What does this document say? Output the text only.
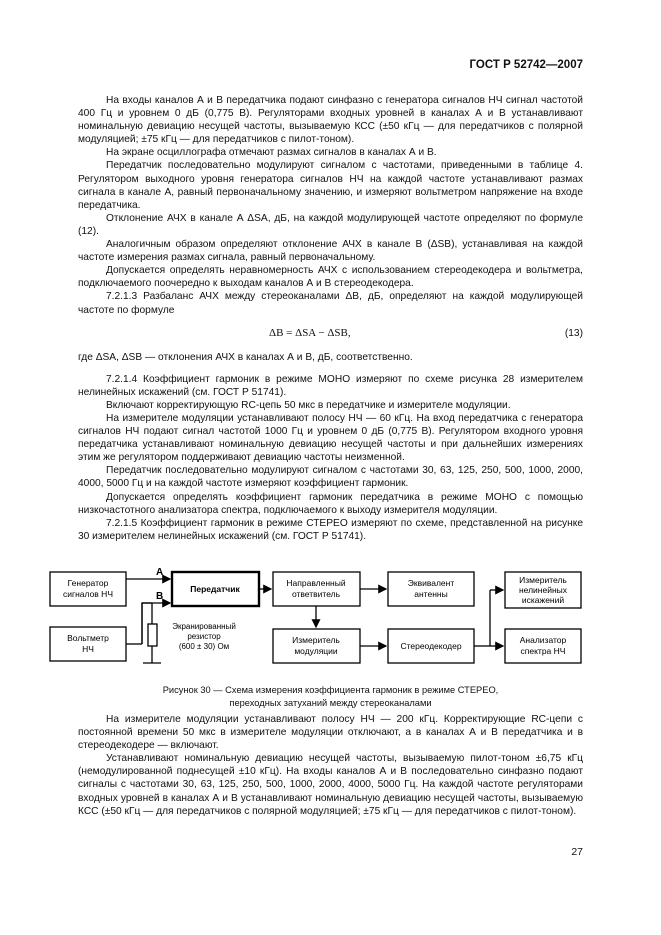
ГОСТ Р 52742—2007

На входы каналов А и В передатчика подают синфазно с генератора сигналов НЧ сигнал частотой 400 Гц и уровнем 0 дБ (0,775 В). Регуляторами входных уровней в каналах А и В устанавливают номинальную девиацию несущей частоты, вызываемую КСС (±50 кГц — для передатчиков с полярной модуляцией; ±75 кГц — для передатчиков с пилот-тоном).

На экране осциллографа отмечают размах сигналов в каналах А и В.

Передатчик последовательно модулируют сигналом с частотами, приведенными в таблице 4. Регулятором выходного уровня генератора сигналов НЧ на каждой частоте устанавливают размах сигнала в канале А, равный первоначальному значению, и измеряют вольтметром напряжение на входе передатчика.

Отклонение АЧХ в канале А ΔSA, дБ, на каждой модулирующей частоте определяют по формуле (12).

Аналогичным образом определяют отклонение АЧХ в канале В (ΔSB), устанавливая на каждой частоте измерения размах сигнала, равный первоначальному.

Допускается определять неравномерность АЧХ с использованием стереодекодера и вольтметра, подключаемого поочередно к выходам каналов А и В стереодекодера.

7.2.1.3 Разбаланс АЧХ между стереоканалами ΔB, дБ, определяют на каждой модулирующей частоте по формуле

ΔB = ΔSA − ΔSB,	(13)

где ΔSA, ΔSB — отклонения АЧХ в каналах А и В, дБ, соответственно.

7.2.1.4 Коэффициент гармоник в режиме МОНО измеряют по схеме рисунка 28 измерителем нелинейных искажений (см. ГОСТ Р 51741).

Включают корректирующую RC-цепь 50 мкс в передатчике и измерителе модуляции.

На измерителе модуляции устанавливают полосу НЧ — 60 кГц. На вход передатчика с генератора сигналов НЧ подают сигнал частотой 1000 Гц и уровнем 0 дБ (0,775 В). Регулятором входного уровня передатчика устанавливают номинальную девиацию несущей частоты и при дальнейших измерениях этим же регулятором поддерживают девиацию частоты неизменной.

Передатчик последовательно модулируют сигналом с частотами 30, 63, 125, 250, 500, 1000, 2000, 4000, 5000 Гц и на каждой частоте измеряют коэффициент гармоник.

Допускается определять коэффициент гармоник передатчика в режиме МОНО с помощью низкочастотного анализатора спектра, подключаемого к выходу измерителя модуляции.

7.2.1.5 Коэффициент гармоник в режиме СТЕРЕО измеряют по схеме, представленной на рисунке 30 измерителем нелинейных искажений (см. ГОСТ Р 51741).

А
В
Генератор
сигналов НЧ	Передатчик
Направленный
ответвитель
Эквивалент
антенны
Измеритель
нелинейных
искажений
Вольтметр
НЧ
Измеритель
модуляции	Стереодекодер
Анализатор
спектра НЧ
Экранированный
резистор
(600 ± 30) Ом
Рисунок 30 — Схема измерения коэффициента гармоник в режиме СТЕРЕО,
переходных затуханий между стереоканалами

На измерителе модуляции устанавливают полосу НЧ — 200 кГц. Корректирующие RC-цепи с постоянной времени 50 мкс в измерителе модуляции отключают, а в каналах А и В передатчика и в стереодекодере — включают.

Устанавливают номинальную девиацию несущей частоты, вызываемую пилот-тоном ±6,75 кГц (немодулированной поднесущей ±10 кГц). На входы каналов А и В последовательно синфазно подают сигналы с частотами 30, 63, 125, 250, 500, 1000, 2000, 4000, 5000 Гц. На каждой частоте регуляторами входных уровней в каналах А и В устанавливают номинальную девиацию несущей частоты, вызываемую КСС (±50 кГц — для передатчиков с полярной модуляцией; ±75 кГц — для передатчиков с пилот-тоном).

27
